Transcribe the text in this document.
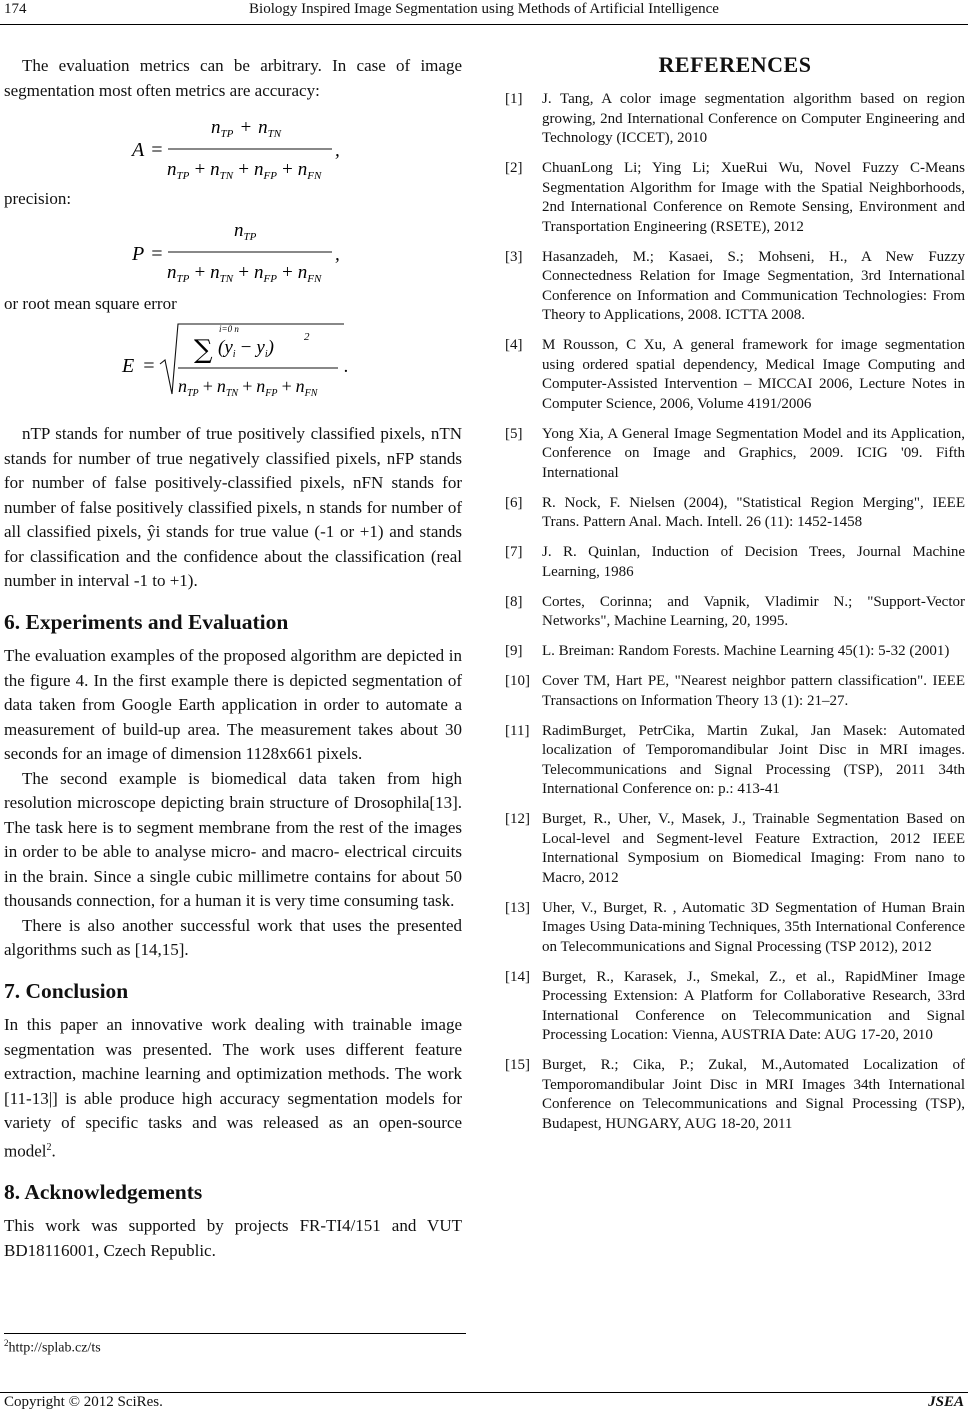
174	Biology Inspired Image Segmentation using Methods of Artificial Intelligence

The evaluation metrics can be arbitrary. In case of image segmentation most often metrics are accuracy:

A =
$n_{TP} + n_{TN}$
$n_{TP} + n_{TN} + n_{FP} + n_{FN}$
,

precision:

P =
$n_{TP}$
$n_{TP} + n_{TN} + n_{FP} + n_{FN}$
,

or root mean square error

E =
i=0 n
∑ $(y_i - y_i)$	2
$n_{TP} + n_{TN} + n_{FP} + n_{FN}$
.

nTP stands for number of true positively classified pixels, nTN stands for number of true negatively classified pixels, nFP stands for number of false positively-classified pixels, nFN stands for number of false positively classified pixels, n stands for number of all classified pixels, ŷi stands for true value (-1 or +1) and stands for classification and the confidence about the classification (real number in interval -1 to +1).

6. Experiments and Evaluation

The evaluation examples of the proposed algorithm are depicted in the figure 4. In the first example there is depicted segmentation of data taken from Google Earth application in order to automate a measurement of build-up area. The measurement takes about 30 seconds for an image of dimension 1128x661 pixels.

The second example is biomedical data taken from high resolution microscope depicting brain structure of Drosophila[13]. The task here is to segment membrane from the rest of the images in order to be able to analyse micro- and macro- electrical circuits in the brain. Since a single cubic millimetre contains for about 50 thousands connection, for a human it is very time consuming task.

There is also another successful work that uses the presented algorithms such as [14,15].

7. Conclusion

In this paper an innovative work dealing with trainable image segmentation was presented. The work uses different feature extraction, machine learning and optimization methods. The work [11-13|] is able produce high accuracy segmentation models for variety of specific tasks and was released as an open-source model$^2$.

8. Acknowledgements

This work was supported by projects FR-TI4/151 and VUT BD18116001, Czech Republic.

REFERENCES

[1] J. Tang, A color image segmentation algorithm based on region growing, 2nd International Conference on Computer Engineering and Technology (ICCET), 2010
[2] ChuanLong Li; Ying Li; XueRui Wu, Novel Fuzzy C-Means Segmentation Algorithm for Image with the Spatial Neighborhoods, 2nd International Conference on Remote Sensing, Environment and Transportation Engineering (RSETE), 2012
[3] Hasanzadeh, M.; Kasaei, S.; Mohseni, H., A New Fuzzy Connectedness Relation for Image Segmentation, 3rd International Conference on Information and Communication Technologies: From Theory to Applications, 2008. ICTTA 2008.
[4] M Rousson, C Xu, A general framework for image segmentation using ordered spatial dependency, Medical Image Computing and Computer-Assisted Intervention – MICCAI 2006, Lecture Notes in Computer Science, 2006, Volume 4191/2006
[5] Yong Xia, A General Image Segmentation Model and its Application, Conference on Image and Graphics, 2009. ICIG '09. Fifth International
[6] R. Nock, F. Nielsen (2004), "Statistical Region Merging", IEEE Trans. Pattern Anal. Mach. Intell. 26 (11): 1452-1458
[7] J. R. Quinlan, Induction of Decision Trees, Journal Machine Learning, 1986
[8] Cortes, Corinna; and Vapnik, Vladimir N.; "Support-Vector Networks", Machine Learning, 20, 1995.
[9] L. Breiman: Random Forests. Machine Learning 45(1): 5-32 (2001)
[10] Cover TM, Hart PE, "Nearest neighbor pattern classification". IEEE Transactions on Information Theory 13 (1): 21–27.
[11] RadimBurget, PetrCika, Martin Zukal, Jan Masek: Automated localization of Temporomandibular Joint Disc in MRI images. Telecommunications and Signal Processing (TSP), 2011 34th International Conference on: p.: 413-41
[12] Burget, R., Uher, V., Masek, J., Trainable Segmentation Based on Local-level and Segment-level Feature Extraction, 2012 IEEE International Symposium on Biomedical Imaging: From nano to Macro, 2012
[13] Uher, V., Burget, R. , Automatic 3D Segmentation of Human Brain Images Using Data-mining Techniques, 35th International Conference on Telecommunications and Signal Processing (TSP 2012), 2012
[14] Burget, R., Karasek, J., Smekal, Z., et al., RapidMiner Image Processing Extension: A Platform for Collaborative Research, 33rd International Conference on Telecommunication and Signal Processing Location: Vienna, AUSTRIA Date: AUG 17-20, 2010
[15] Burget, R.; Cika, P.; Zukal, M.,Automated Localization of Temporomandibular Joint Disc in MRI Images 34th International Conference on Telecommunications and Signal Processing (TSP), Budapest, HUNGARY, AUG 18-20, 2011
$^2$http://splab.cz/ts
Copyright © 2012 SciRes.	JSEA
